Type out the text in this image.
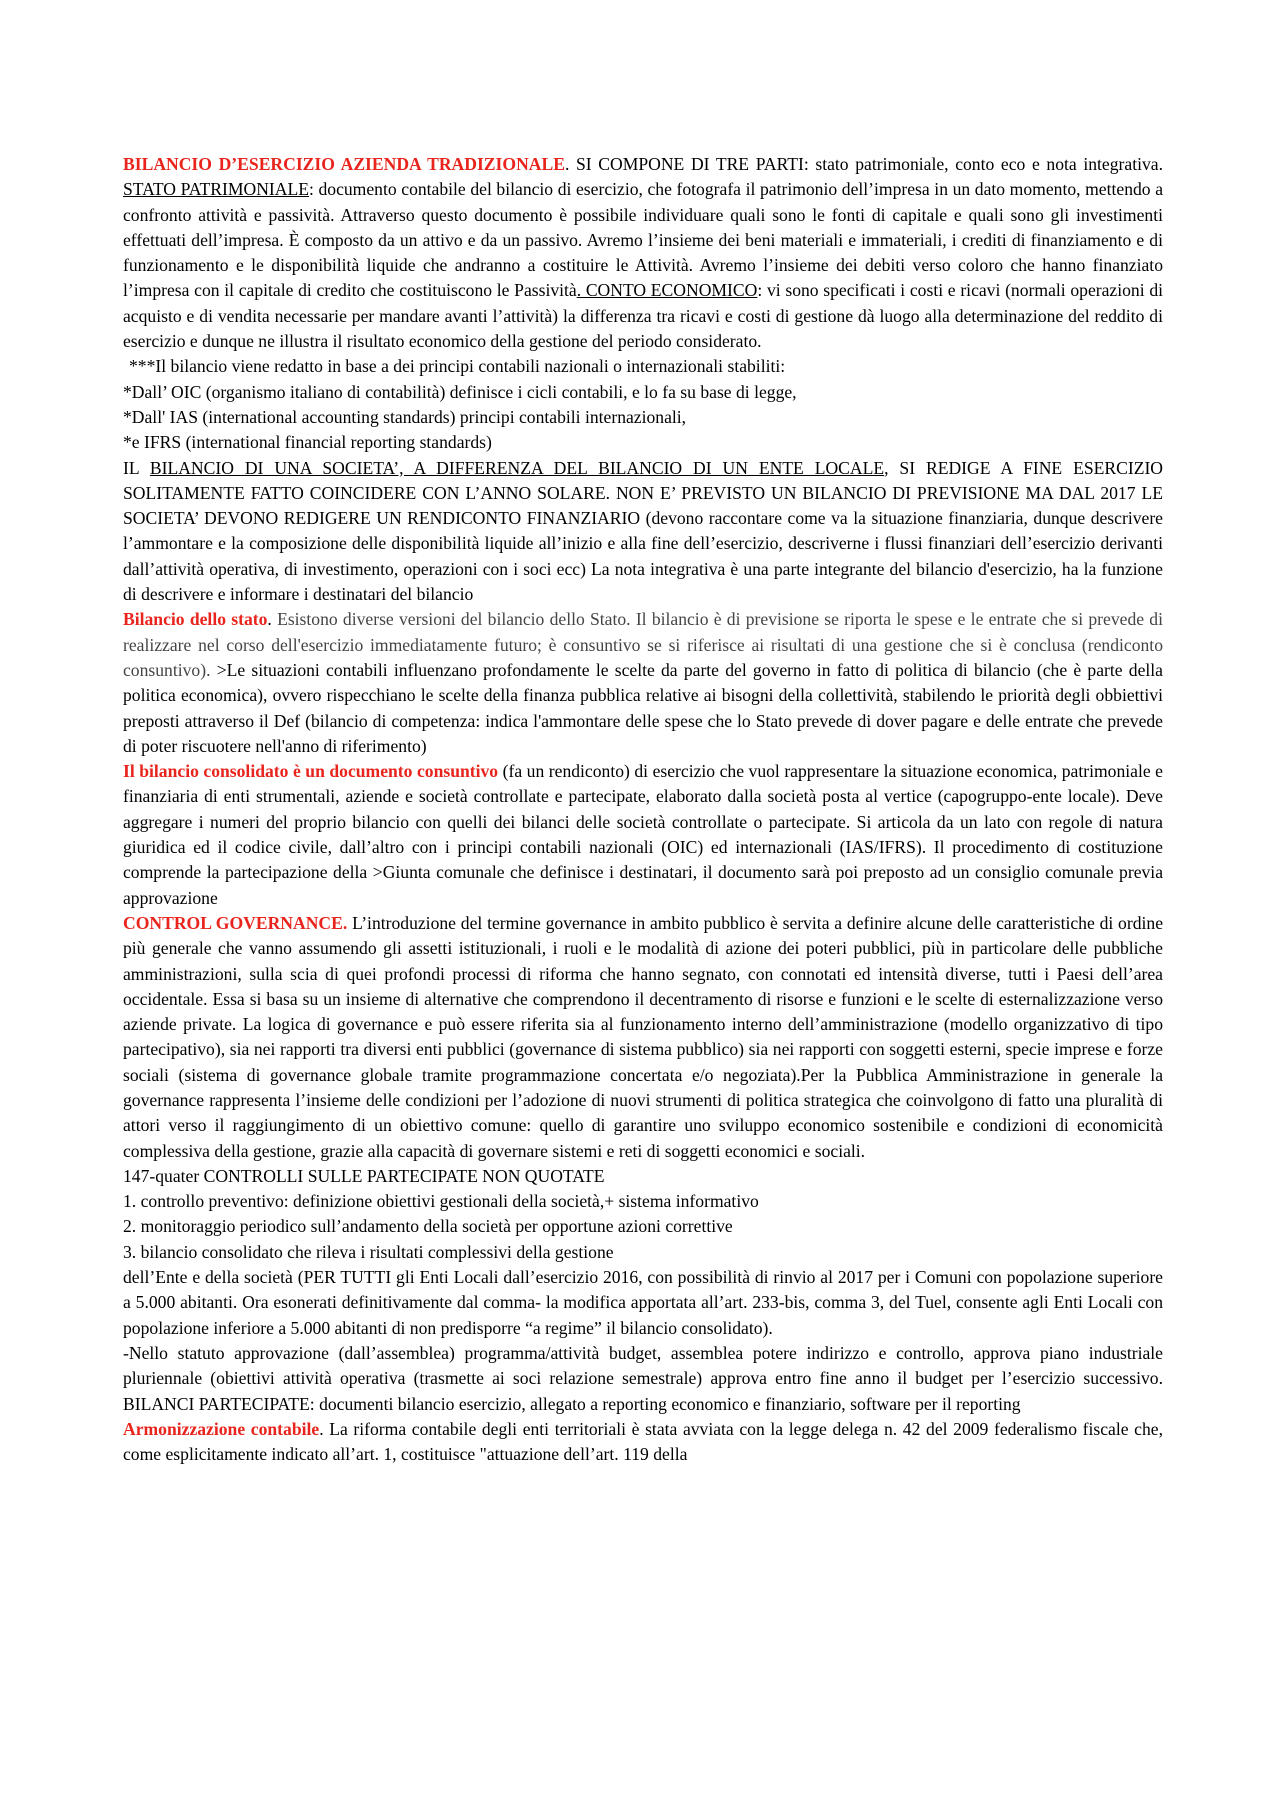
BILANCIO D’ESERCIZIO AZIENDA TRADIZIONALE. SI COMPONE DI TRE PARTI: stato patrimoniale, conto eco e nota integrativa. STATO PATRIMONIALE: documento contabile del bilancio di esercizio, che fotografa il patrimonio dell’impresa in un dato momento, mettendo a confronto attività e passività. Attraverso questo documento è possibile individuare quali sono le fonti di capitale e quali sono gli investimenti effettuati dell’impresa. È composto da un attivo e da un passivo. Avremo l’insieme dei beni materiali e immateriali, i crediti di finanziamento e di funzionamento e le disponibilità liquide che andranno a costituire le Attività. Avremo l’insieme dei debiti verso coloro che hanno finanziato l’impresa con il capitale di credito che costituiscono le Passività. CONTO ECONOMICO: vi sono specificati i costi e ricavi (normali operazioni di acquisto e di vendita necessarie per mandare avanti l’attività) la differenza tra ricavi e costi di gestione dà luogo alla determinazione del reddito di esercizio e dunque ne illustra il risultato economico della gestione del periodo considerato.

***Il bilancio viene redatto in base a dei principi contabili nazionali o internazionali stabiliti:

*Dall’ OIC (organismo italiano di contabilità) definisce i cicli contabili, e lo fa su base di legge,

*Dall' IAS (international accounting standards) principi contabili internazionali,

*e IFRS (international financial reporting standards)

IL BILANCIO DI UNA SOCIETA’, A DIFFERENZA DEL BILANCIO DI UN ENTE LOCALE, SI REDIGE A FINE ESERCIZIO SOLITAMENTE FATTO COINCIDERE CON L’ANNO SOLARE. NON E’ PREVISTO UN BILANCIO DI PREVISIONE MA DAL 2017 LE SOCIETA’ DEVONO REDIGERE UN RENDICONTO FINANZIARIO (devono raccontare come va la situazione finanziaria, dunque descrivere l’ammontare e la composizione delle disponibilità liquide all’inizio e alla fine dell’esercizio, descriverne i flussi finanziari dell’esercizio derivanti dall’attività operativa, di investimento, operazioni con i soci ecc) La nota integrativa è una parte integrante del bilancio d'esercizio, ha la funzione di descrivere e informare i destinatari del bilancio

Bilancio dello stato. Esistono diverse versioni del bilancio dello Stato. Il bilancio è di previsione se riporta le spese e le entrate che si prevede di realizzare nel corso dell'esercizio immediatamente futuro; è consuntivo se si riferisce ai risultati di una gestione che si è conclusa (rendiconto consuntivo). >Le situazioni contabili influenzano profondamente le scelte da parte del governo in fatto di politica di bilancio (che è parte della politica economica), ovvero rispecchiano le scelte della finanza pubblica relative ai bisogni della collettività, stabilendo le priorità degli obbiettivi preposti attraverso il Def (bilancio di competenza: indica l'ammontare delle spese che lo Stato prevede di dover pagare e delle entrate che prevede di poter riscuotere nell'anno di riferimento)

Il bilancio consolidato è un documento consuntivo (fa un rendiconto) di esercizio che vuol rappresentare la situazione economica, patrimoniale e finanziaria di enti strumentali, aziende e società controllate e partecipate, elaborato dalla società posta al vertice (capogruppo-ente locale). Deve aggregare i numeri del proprio bilancio con quelli dei bilanci delle società controllate o partecipate. Si articola da un lato con regole di natura giuridica ed il codice civile, dall’altro con i principi contabili nazionali (OIC) ed internazionali (IAS/IFRS). Il procedimento di costituzione comprende la partecipazione della >Giunta comunale che definisce i destinatari, il documento sarà poi preposto ad un consiglio comunale previa approvazione

CONTROL GOVERNANCE. L’introduzione del termine governance in ambito pubblico è servita a definire alcune delle caratteristiche di ordine più generale che vanno assumendo gli assetti istituzionali, i ruoli e le modalità di azione dei poteri pubblici, più in particolare delle pubbliche amministrazioni, sulla scia di quei profondi processi di riforma che hanno segnato, con connotati ed intensità diverse, tutti i Paesi dell’area occidentale. Essa si basa su un insieme di alternative che comprendono il decentramento di risorse e funzioni e le scelte di esternalizzazione verso aziende private. La logica di governance e può essere riferita sia al funzionamento interno dell’amministrazione (modello organizzativo di tipo partecipativo), sia nei rapporti tra diversi enti pubblici (governance di sistema pubblico) sia nei rapporti con soggetti esterni, specie imprese e forze sociali (sistema di governance globale tramite programmazione concertata e/o negoziata).Per la Pubblica Amministrazione in generale la governance rappresenta l’insieme delle condizioni per l’adozione di nuovi strumenti di politica strategica che coinvolgono di fatto una pluralità di attori verso il raggiungimento di un obiettivo comune: quello di garantire uno sviluppo economico sostenibile e condizioni di economicità complessiva della gestione, grazie alla capacità di governare sistemi e reti di soggetti economici e sociali.

147-quater CONTROLLI SULLE PARTECIPATE NON QUOTATE

1. controllo preventivo: definizione obiettivi gestionali della società,+ sistema informativo

2. monitoraggio periodico sull’andamento della società per opportune azioni correttive

3. bilancio consolidato che rileva i risultati complessivi della gestione

dell’Ente e della società (PER TUTTI gli Enti Locali dall’esercizio 2016, con possibilità di rinvio al 2017 per i Comuni con popolazione superiore a 5.000 abitanti. Ora esonerati definitivamente dal comma- la modifica apportata all’art. 233-bis, comma 3, del Tuel, consente agli Enti Locali con popolazione inferiore a 5.000 abitanti di non predisporre “a regime” il bilancio consolidato).

-Nello statuto approvazione (dall’assemblea) programma/attività budget, assemblea potere indirizzo e controllo, approva piano industriale pluriennale (obiettivi attività operativa (trasmette ai soci relazione semestrale) approva entro fine anno il budget per l’esercizio successivo. BILANCI PARTECIPATE: documenti bilancio esercizio, allegato a reporting economico e finanziario, software per il reporting

Armonizzazione contabile. La riforma contabile degli enti territoriali è stata avviata con la legge delega n. 42 del 2009 federalismo fiscale che, come esplicitamente indicato all’art. 1, costituisce "attuazione dell’art. 119 della
